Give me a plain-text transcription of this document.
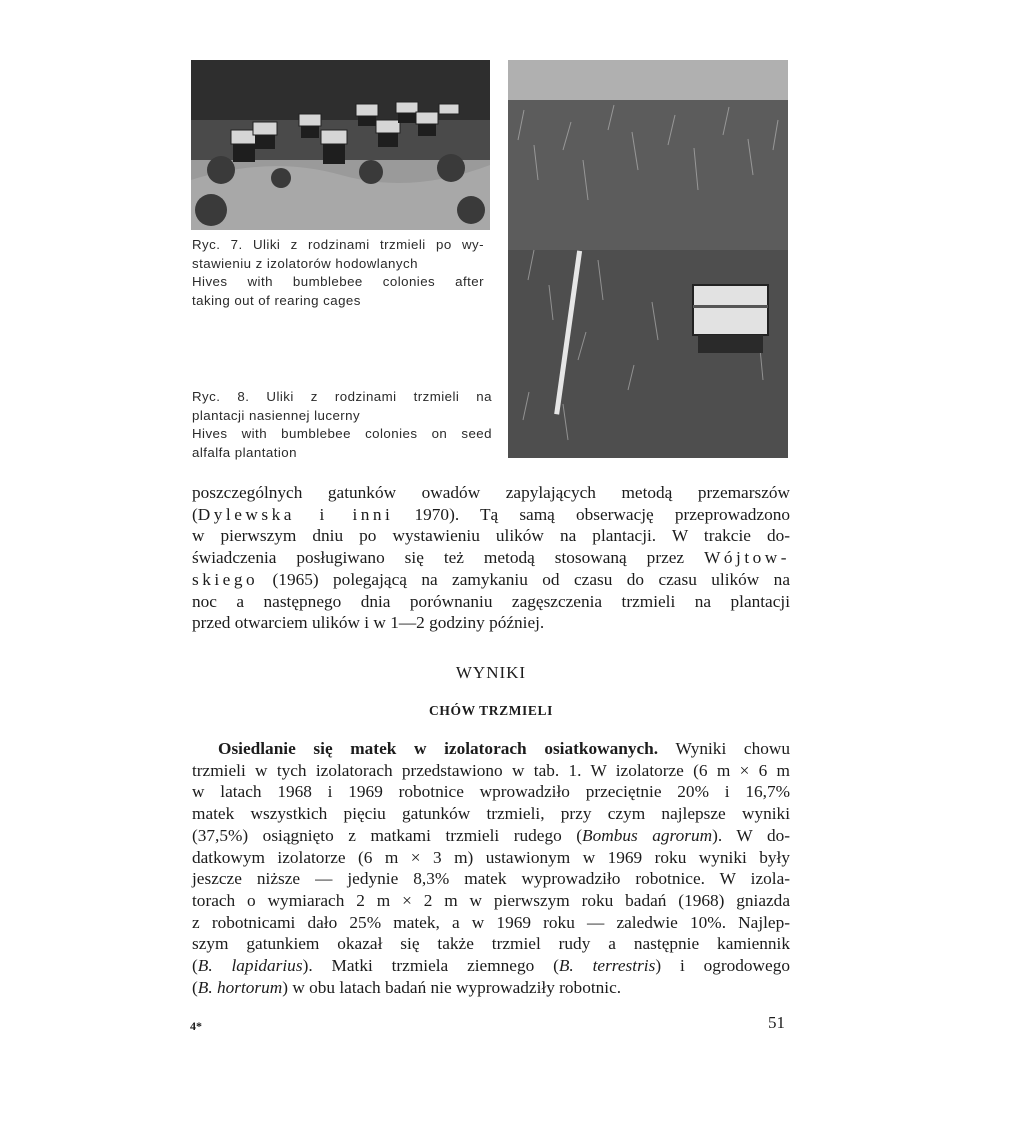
Ryc. 7. Uliki z rodzinami trzmieli po wy-
stawieniu z izolatorów hodowlanych
Hives with bumblebee colonies after
taking out of rearing cages
Ryc. 8. Uliki z rodzinami trzmieli na
plantacji nasiennej lucerny
Hives with bumblebee colonies on seed
alfalfa plantation
poszczególnych gatunków owadów zapylających metodą przemarszów
(Dylewska i inni 1970). Tą samą obserwację przeprowadzono
w pierwszym dniu po wystawieniu ulików na plantacji. W trakcie do-
świadczenia posługiwano się też metodą stosowaną przez Wójtow-
skiego (1965) polegającą na zamykaniu od czasu do czasu ulików na
noc a następnego dnia porównaniu zagęszczenia trzmieli na plantacji
przed otwarciem ulików i w 1—2 godziny później.
WYNIKI
CHÓW TRZMIELI
Osiedlanie się matek w izolatorach osiatkowanych. Wyniki chowu
trzmieli w tych izolatorach przedstawiono w tab. 1. W izolatorze (6 m × 6 m
w latach 1968 i 1969 robotnice wprowadziło przeciętnie 20% i 16,7%
matek wszystkich pięciu gatunków trzmieli, przy czym najlepsze wyniki
(37,5%) osiągnięto z matkami trzmieli rudego (Bombus agrorum). W do-
datkowym izolatorze (6 m × 3 m) ustawionym w 1969 roku wyniki były
jeszcze niższe — jedynie 8,3% matek wyprowadziło robotnice. W izola-
torach o wymiarach 2 m × 2 m w pierwszym roku badań (1968) gniazda
z robotnicami dało 25% matek, a w 1969 roku — zaledwie 10%. Najlep-
szym gatunkiem okazał się także trzmiel rudy a następnie kamiennik
(B. lapidarius). Matki trzmiela ziemnego (B. terrestris) i ogrodowego
(B. hortorum) w obu latach badań nie wyprowadziły robotnic.
4*	51
